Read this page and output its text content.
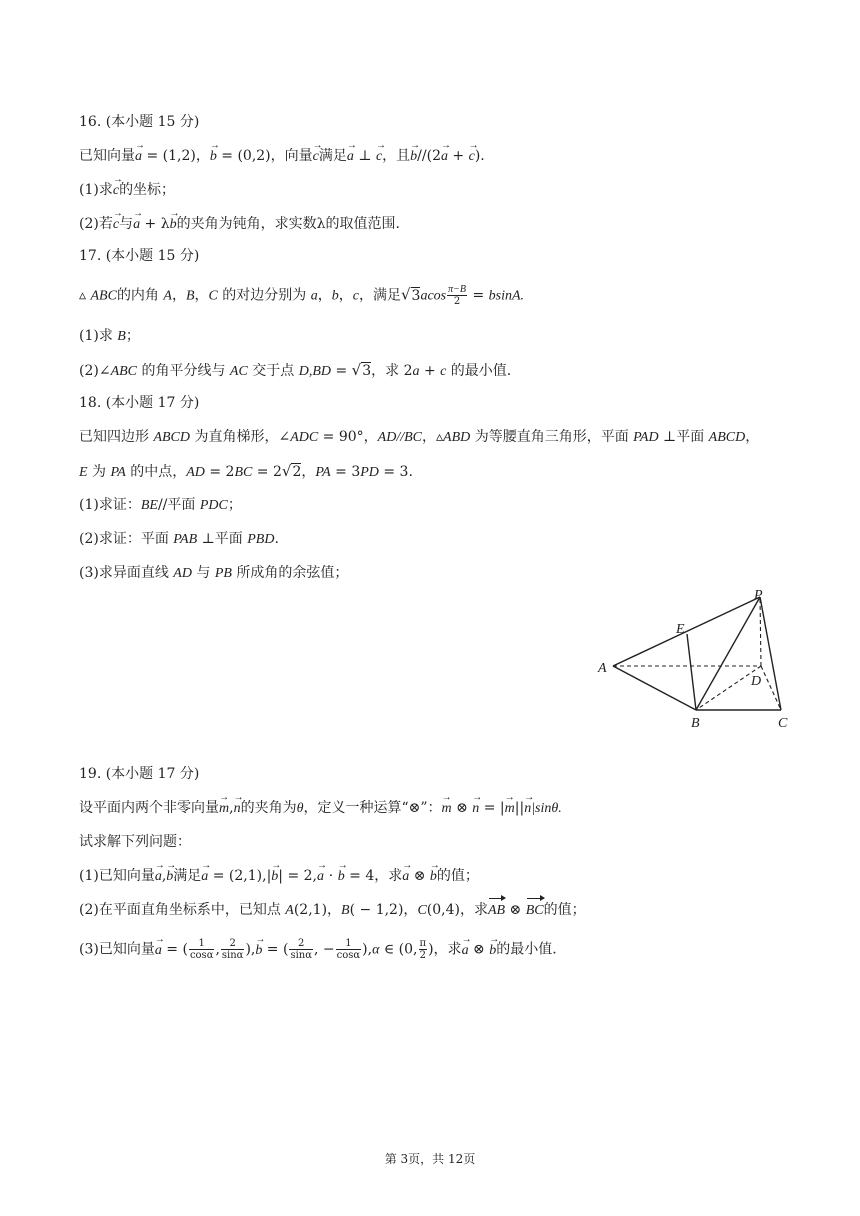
16. (本小题 15 分)
已知向量→ a = (1,2)，→ b = (0,2)，向量→ c满足→ a ⊥ → c，且→ b//(2→ a + → c).
(1)求→ c的坐标；
(2)若→ c与→ a + λ→ b的夹角为钝角，求实数λ的取值范围.
17. (本小题 15 分)
▵ ABC的内角 A，B，C 的对边分别为 a，b，c，满足$√3acos \frac{\pi-B}{2} = bsinA$.
(1)求 B；
(2)∠ABC 的角平分线与 AC 交于点 D,BD = √3，求 2a + c 的最小值.
18. (本小题 17 分)
已知四边形 ABCD 为直角梯形，∠ADC = 90°，AD//BC，▵ABD 为等腰直角三角形，平面 PAD ⊥平面 ABCD，
E 为 PA 的中点，AD = 2BC = 2√2，PA = 3PD = 3.
(1)求证：BE//平面 PDC；
(2)求证：平面 PAB ⊥平面 PBD.
(3)求异面直线 AD 与 PB 所成角的余弦值；
P
E
A
D
B	C
19. (本小题 17 分)
设平面内两个非零向量→ m,→ n的夹角为θ，定义一种运算“⊗”：→ m ⊗ → n = |→ m||→ n|sinθ.
试求解下列问题：
(1)已知向量→ a,→ b满足→ a = (2,1),|→ b| = 2,→ a ⋅ → b = 4，求→ a ⊗ → b的值；
(2)在平面直角坐标系中，已知点 A(2,1)，B( − 1,2)，C(0,4)，求AB ⊗ BC的值；
(3)已知向量→ a = ( $\frac{1}{\cos\alpha}$ , $\frac{2}{\sin\alpha}$ ),→ b = ( $\frac{2}{\sin\alpha}$ , − $\frac{1}{\cos\alpha} ),\alpha$ ∈ (0, $\frac{\pi}{2}$ )，求→ a ⊗ → b的最小值.
第 3页，共 12页
